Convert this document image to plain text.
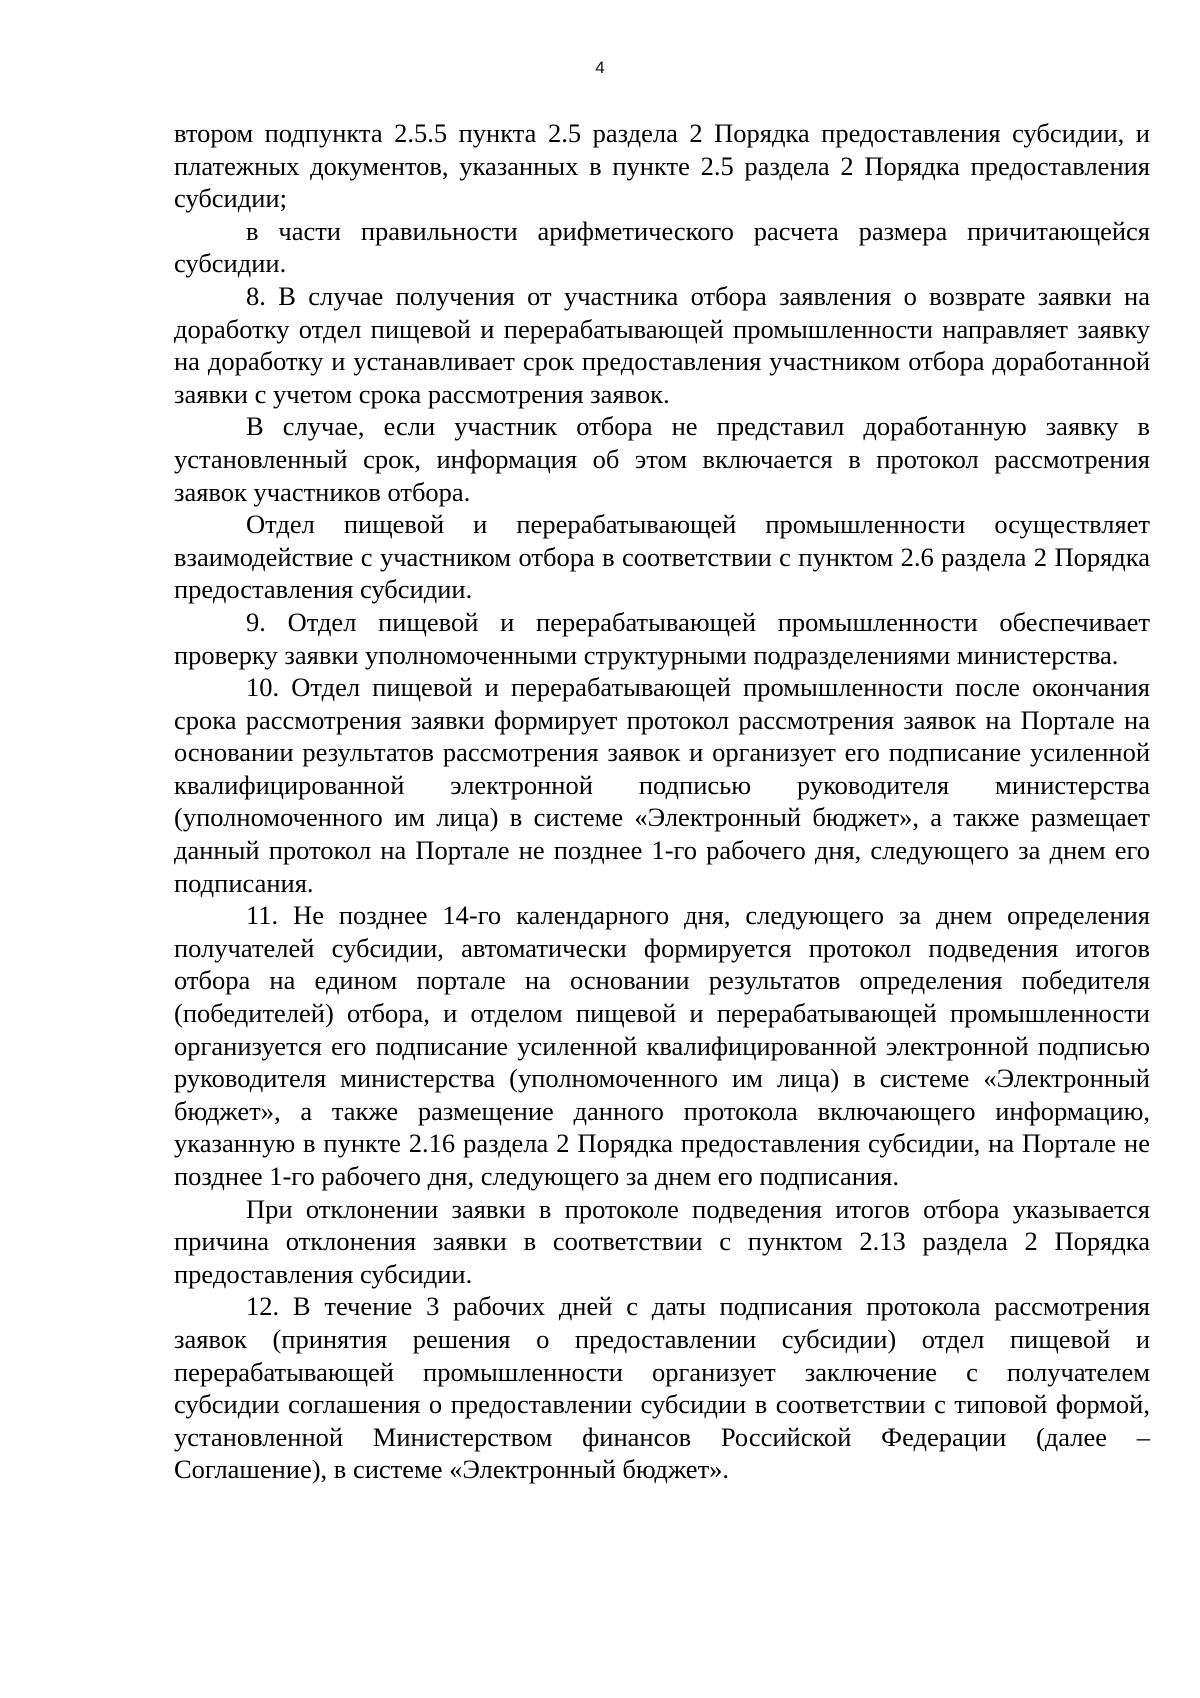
4

втором подпункта 2.5.5 пункта 2.5 раздела 2 Порядка предоставления субсидии, и платежных документов, указанных в пункте 2.5 раздела 2 Порядка предоставления субсидии;

в части правильности арифметического расчета размера причитающейся субсидии.

8. В случае получения от участника отбора заявления о возврате заявки на доработку отдел пищевой и перерабатывающей промышленности направляет заявку на доработку и устанавливает срок предоставления участником отбора доработанной заявки с учетом срока рассмотрения заявок.

В случае, если участник отбора не представил доработанную заявку в установленный срок, информация об этом включается в протокол рассмотрения заявок участников отбора.

Отдел пищевой и перерабатывающей промышленности осуществляет взаимодействие с участником отбора в соответствии с пунктом 2.6 раздела 2 Порядка предоставления субсидии.

9. Отдел пищевой и перерабатывающей промышленности обеспечивает проверку заявки уполномоченными структурными подразделениями министерства.

10. Отдел пищевой и перерабатывающей промышленности после окончания срока рассмотрения заявки формирует протокол рассмотрения заявок на Портале на основании результатов рассмотрения заявок и организует его подписание усиленной квалифицированной электронной подписью руководителя министерства (уполномоченного им лица) в системе «Электронный бюджет», а также размещает данный протокол на Портале не позднее 1-го рабочего дня, следующего за днем его подписания.

11. Не позднее 14-го календарного дня, следующего за днем определения получателей субсидии, автоматически формируется протокол подведения итогов отбора на едином портале на основании результатов определения победителя (победителей) отбора, и отделом пищевой и перерабатывающей промышленности организуется его подписание усиленной квалифицированной электронной подписью руководителя министерства (уполномоченного им лица) в системе «Электронный бюджет», а также размещение данного протокола включающего информацию, указанную в пункте 2.16 раздела 2 Порядка предоставления субсидии, на Портале не позднее 1-го рабочего дня, следующего за днем его подписания.

При отклонении заявки в протоколе подведения итогов отбора указывается причина отклонения заявки в соответствии с пунктом 2.13 раздела 2 Порядка предоставления субсидии.

12. В течение 3 рабочих дней с даты подписания протокола рассмотрения заявок (принятия решения о предоставлении субсидии) отдел пищевой и перерабатывающей промышленности организует заключение с получателем субсидии соглашения о предоставлении субсидии в соответствии с типовой формой, установленной Министерством финансов Российской Федерации (далее – Соглашение), в системе «Электронный бюджет».
